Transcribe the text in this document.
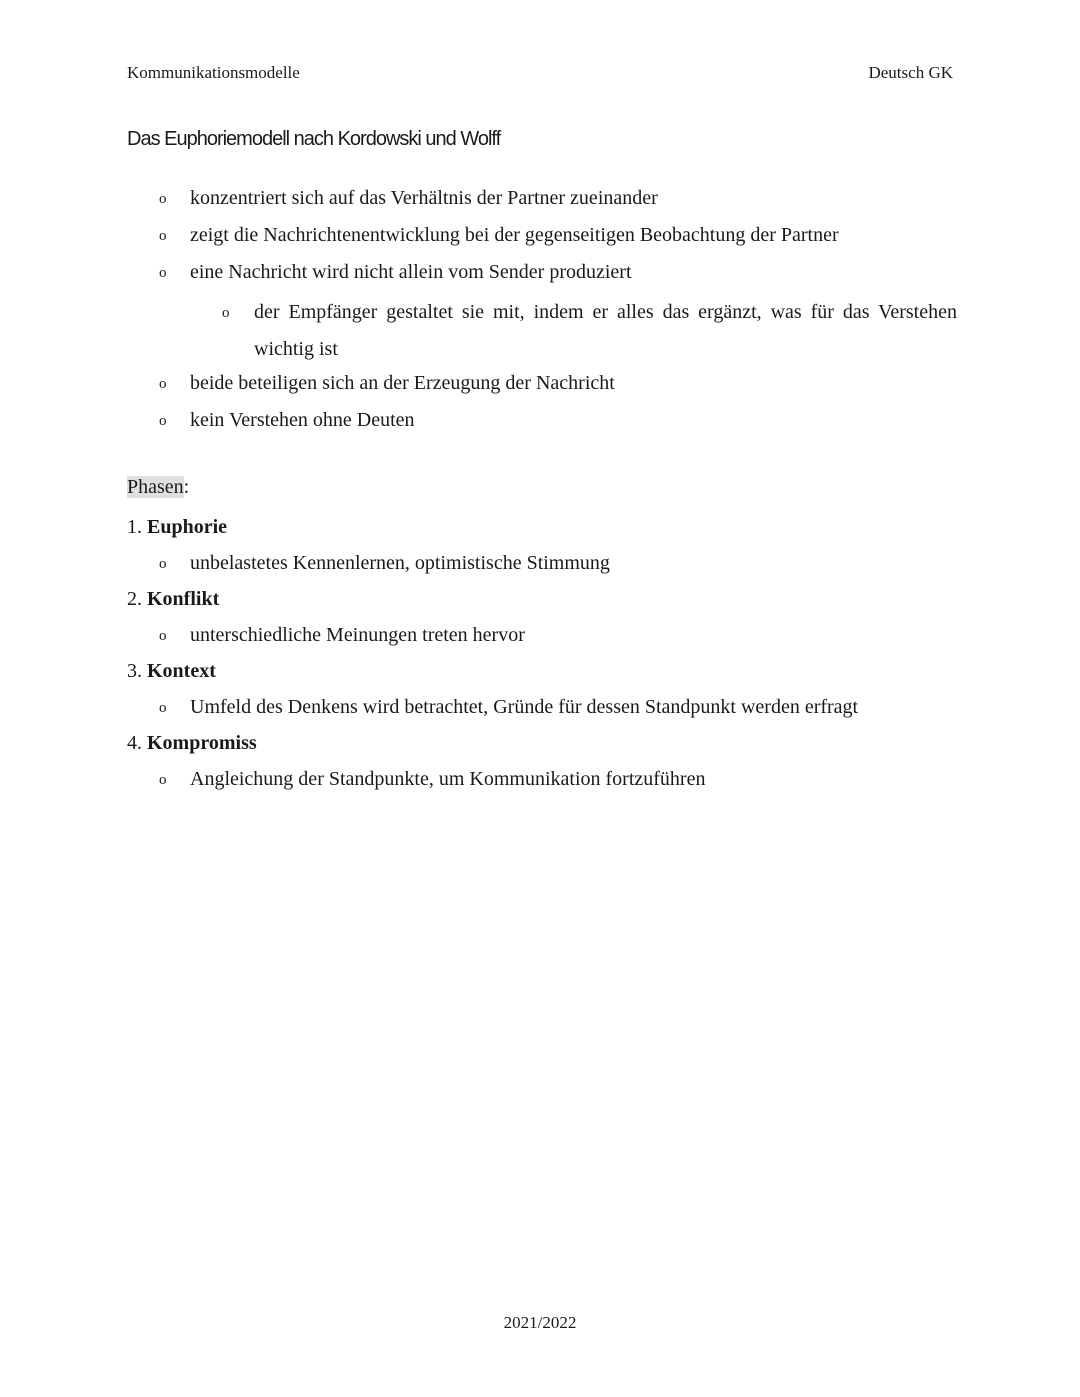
Kommunikationsmodelle	Deutsch GK
Das Euphoriemodell nach Kordowski und Wolff
o konzentriert sich auf das Verhältnis der Partner zueinander
o zeigt die Nachrichtenentwicklung bei der gegenseitigen Beobachtung der Partner
o eine Nachricht wird nicht allein vom Sender produziert
o der Empfänger gestaltet sie mit, indem er alles das ergänzt, was für das Verstehen wichtig ist
o beide beteiligen sich an der Erzeugung der Nachricht
o kein Verstehen ohne Deuten
Phasen:
1. Euphorie
o unbelastetes Kennenlernen, optimistische Stimmung
2. Konflikt
o unterschiedliche Meinungen treten hervor
3. Kontext
o Umfeld des Denkens wird betrachtet, Gründe für dessen Standpunkt werden erfragt
4. Kompromiss
o Angleichung der Standpunkte, um Kommunikation fortzuführen
2021/2022
